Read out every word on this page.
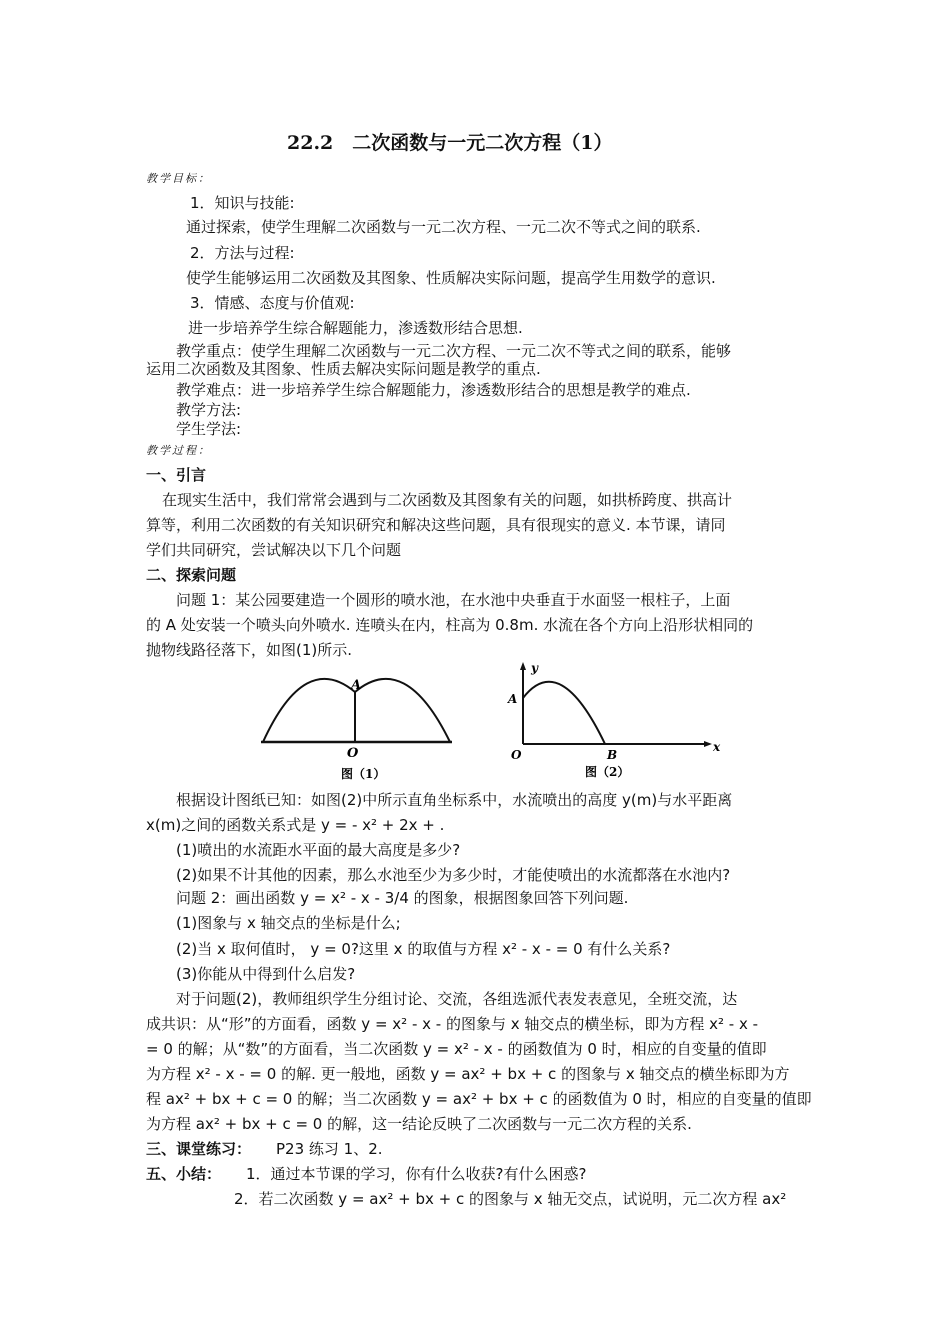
22.2　二次函数与一元二次方程（1）
教学目标：
1．知识与技能:
通过探索，使学生理解二次函数与一元二次方程、一元二次不等式之间的联系.
2．方法与过程:
使学生能够运用二次函数及其图象、性质解决实际问题，提高学生用数学的意识.
3．情感、态度与价值观:
进一步培养学生综合解题能力，渗透数形结合思想.
教学重点：使学生理解二次函数与一元二次方程、一元二次不等式之间的联系，能够
运用二次函数及其图象、性质去解决实际问题是教学的重点.
教学难点：进一步培养学生综合解题能力，渗透数形结合的思想是教学的难点.
教学方法:
学生学法:
教学过程：
一、引言
在现实生活中，我们常常会遇到与二次函数及其图象有关的问题，如拱桥跨度、拱高计
算等，利用二次函数的有关知识研究和解决这些问题，具有很现实的意义. 本节课，请同
学们共同研究，尝试解决以下几个问题
二、探索问题
问题 1：某公园要建造一个圆形的喷水池，在水池中央垂直于水面竖一根柱子，上面
的 A 处安装一个喷头向外喷水. 连喷头在内，柱高为 0.8m. 水流在各个方向上沿形状相同的
抛物线路径落下，如图(1)所示.
A
O
图（1）
y
A
O	B
x
图（2）
根据设计图纸已知：如图(2)中所示直角坐标系中，水流喷出的高度 y(m)与水平距离
x(m)之间的函数关系式是 y = - x² + 2x + .
(1)喷出的水流距水平面的最大高度是多少?
(2)如果不计其他的因素，那么水池至少为多少时，才能使喷出的水流都落在水池内?
问题 2：画出函数 y = x² - x - 3/4 的图象，根据图象回答下列问题.
(1)图象与 x 轴交点的坐标是什么;
(2)当 x 取何值时， y = 0?这里 x 的取值与方程 x² - x - = 0 有什么关系?
(3)你能从中得到什么启发?
对于问题(2)，教师组织学生分组讨论、交流，各组选派代表发表意见，全班交流，达
成共识：从“形”的方面看，函数 y = x² - x - 的图象与 x 轴交点的横坐标，即为方程 x² - x -
= 0 的解；从“数”的方面看，当二次函数 y = x² - x - 的函数值为 0 时，相应的自变量的值即
为方程 x² - x - = 0 的解. 更一般地，函数 y = ax² + bx + c 的图象与 x 轴交点的横坐标即为方
程 ax² + bx + c = 0 的解；当二次函数 y = ax² + bx + c 的函数值为 0 时，相应的自变量的值即
为方程 ax² + bx + c = 0 的解，这一结论反映了二次函数与一元二次方程的关系.
三、课堂练习： P23 练习 1、2.
五、小结： 1．通过本节课的学习，你有什么收获?有什么困惑?
2．若二次函数 y = ax² + bx + c 的图象与 x 轴无交点，试说明，元二次方程 ax²
